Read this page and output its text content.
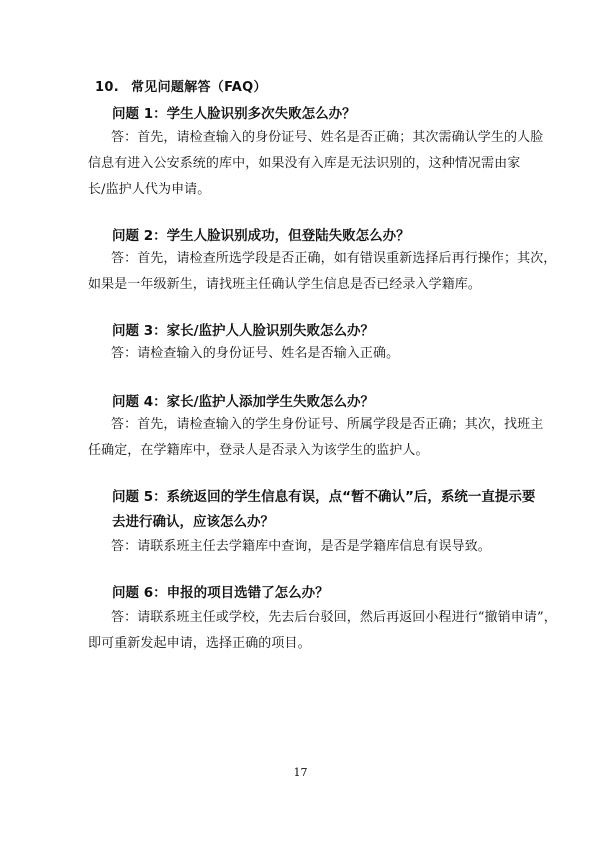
10. 常见问题解答（FAQ）
问题 1：学生人脸识别多次失败怎么办？
答：首先，请检查输入的身份证号、姓名是否正确；其次需确认学生的人脸
信息有进入公安系统的库中，如果没有入库是无法识别的，这种情况需由家
长/监护人代为申请。
问题 2：学生人脸识别成功，但登陆失败怎么办？
答：首先，请检查所选学段是否正确，如有错误重新选择后再行操作；其次，
如果是一年级新生，请找班主任确认学生信息是否已经录入学籍库。
问题 3：家长/监护人人脸识别失败怎么办？
答：请检查输入的身份证号、姓名是否输入正确。
问题 4：家长/监护人添加学生失败怎么办？
答：首先，请检查输入的学生身份证号、所属学段是否正确；其次，找班主
任确定，在学籍库中，登录人是否录入为该学生的监护人。
问题 5：系统返回的学生信息有误，点“暂不确认”后，系统一直提示要去进行确认，应该怎么办？
答：请联系班主任去学籍库中查询，是否是学籍库信息有误导致。
问题 6：申报的项目选错了怎么办？
答：请联系班主任或学校，先去后台驳回，然后再返回小程进行“撤销申请”，
即可重新发起申请，选择正确的项目。
17
